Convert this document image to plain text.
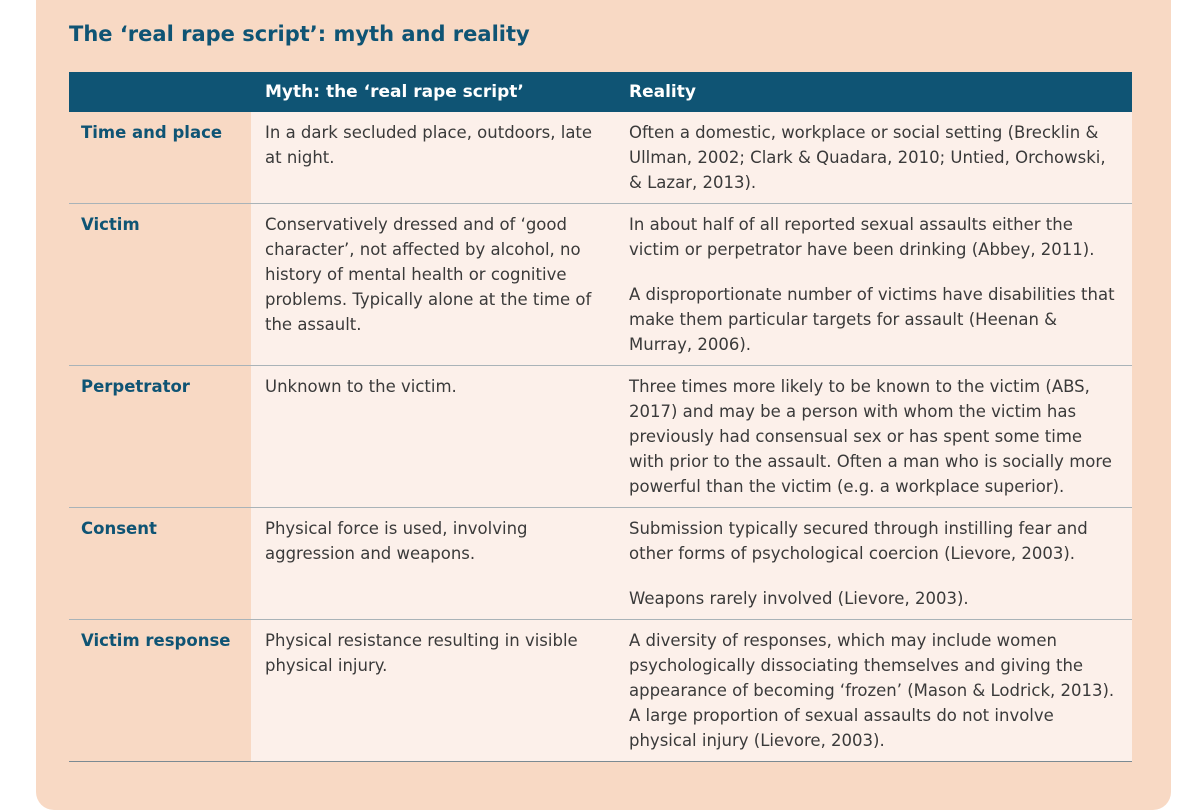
The ‘real rape script’: myth and reality
	Myth: the ‘real rape script’	Reality
Time and place	In a dark secluded place, outdoors, late at night.	Often a domestic, workplace or social setting (Brecklin & Ullman, 2002; Clark & Quadara, 2010; Untied, Orchowski, & Lazar, 2013).

Victim	Conservatively dressed and of ‘good character’, not affected by alcohol, no history of mental health or cognitive problems. Typically alone at the time of the assault.	In about half of all reported sexual assaults either the victim or perpetrator have been drinking (Abbey, 2011).
A disproportionate number of victims have disabilities that make them particular targets for assault (Heenan & Murray, 2006).

Perpetrator	Unknown to the victim.	Three times more likely to be known to the victim (ABS, 2017) and may be a person with whom the victim has previously had consensual sex or has spent some time with prior to the assault. Often a man who is socially more powerful than the victim (e.g. a workplace superior).

Consent	Physical force is used, involving aggression and weapons.	Submission typically secured through instilling fear and other forms of psychological coercion (Lievore, 2003).
Weapons rarely involved (Lievore, 2003).

Victim response	Physical resistance resulting in visible physical injury.	A diversity of responses, which may include women psychologically dissociating themselves and giving the appearance of becoming ‘frozen’ (Mason & Lodrick, 2013). A large proportion of sexual assaults do not involve physical injury (Lievore, 2003).
